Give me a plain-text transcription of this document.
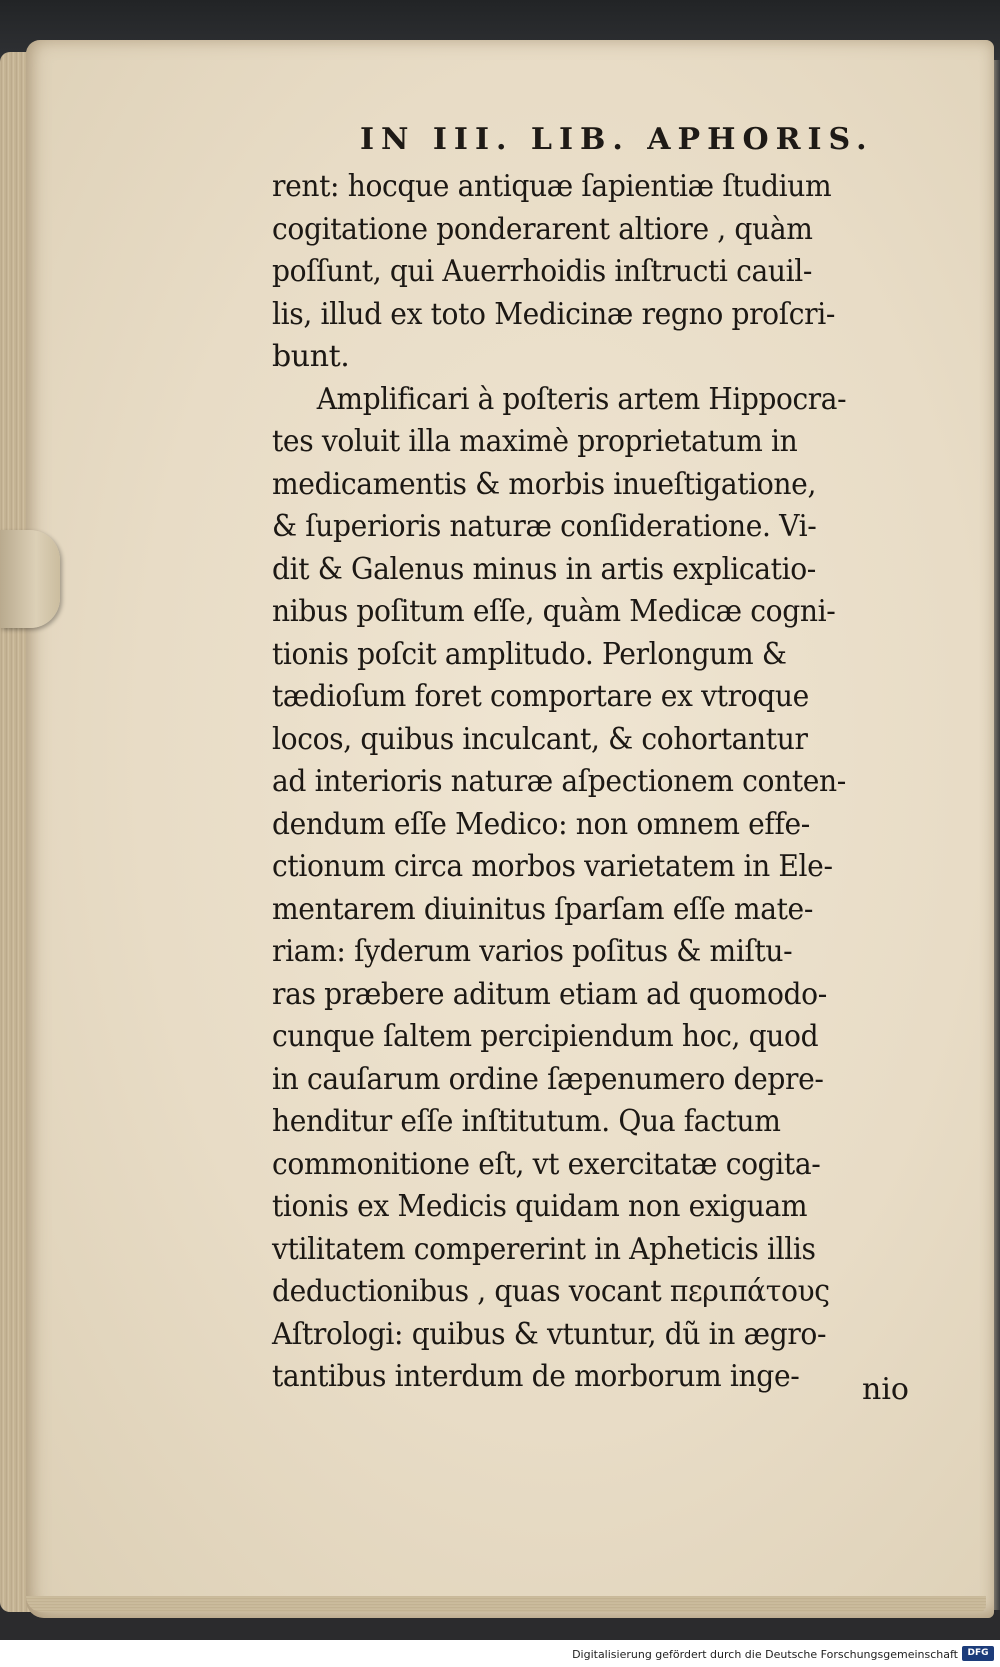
IN III. LIB. APHORIS.
rent: hocque antiquæ ſapientiæ ſtudium
cogitatione ponderarent altiore , quàm
poſſunt, qui Auerrhoidis inſtructi cauil-
lis, illud ex toto Medicinæ regno proſcri-
bunt.
Amplificari à poſteris artem Hippocra-
tes voluit illa maximè proprietatum in
medicamentis & morbis inueſtigatione,
& ſuperioris naturæ conſideratione. Vi-
dit & Galenus minus in artis explicatio-
nibus poſitum eſſe, quàm Medicæ cogni-
tionis poſcit amplitudo. Perlongum &
tædioſum foret comportare ex vtroque
locos, quibus inculcant, & cohortantur
ad interioris naturæ aſpectionem conten-
dendum eſſe Medico: non omnem effe-
ctionum circa morbos varietatem in Ele-
mentarem diuinitus ſparſam eſſe mate-
riam: ſyderum varios poſitus & miſtu-
ras præbere aditum etiam ad quomodo-
cunque ſaltem percipiendum hoc, quod
in cauſarum ordine ſæpenumero depre-
henditur eſſe inſtitutum. Qua factum
commonitione eſt, vt exercitatæ cogita-
tionis ex Medicis quidam non exiguam
vtilitatem compererint in Apheticis illis
deductionibus , quas vocant περιπάτους
Aſtrologi: quibus & vtuntur, dũ in ægro-
tantibus interdum de morborum inge-	nio
Digitalisierung gefördert durch die Deutsche Forschungsgemeinschaft	DFG
